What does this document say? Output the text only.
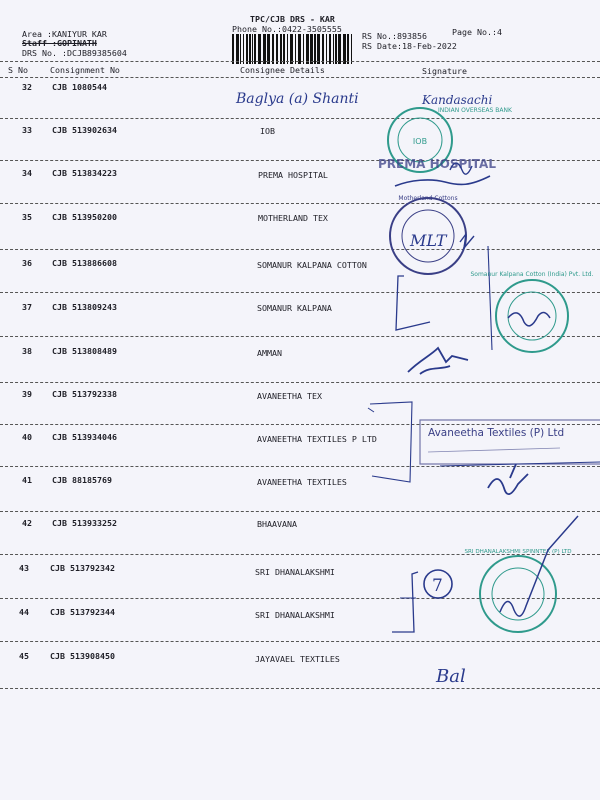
TPC/CJB DRS - KAR
Phone No.:0422-3505555	Page No.:4
Area :KANIYUR KAR
Staff :GOPINATH
DRS No. :DCJB89385604
RS No.:893856
RS Date:18-Feb-2022
S No	Consignment No	Consignee Details	Signature
32 CJB 1080544
33 CJB 513902634	IOB
34 CJB 513834223	PREMA HOSPITAL
35 CJB 513950200	MOTHERLAND TEX
36 CJB 513886608	SOMANUR KALPANA COTTON
37 CJB 513809243	SOMANUR KALPANA
38 CJB 513808489	AMMAN
39 CJB 513792338	AVANEETHA TEX
40 CJB 513934046	AVANEETHA TEXTILES P LTD
41 CJB 88185769	AVANEETHA TEXTILES
42 CJB 513933252	BHAAVANA
43	CJB 513792342	SRI DHANALAKSHMI
44	CJB 513792344	SRI DHANALAKSHMI
45	CJB 513908450	JAYAVAEL TEXTILES
Baglya (a) Shanti	Kandasachi
IOB
INDIAN OVERSEAS BANK
PREMA HOSPITAL
Motherland Cottons
MLT
Somanur Kalpana Cotton (India) Pvt. Ltd.
Avaneetha Textiles (P) Ltd
SRI DHANALAKSHMI SPINNTEX (P) LTD
7
Bal
